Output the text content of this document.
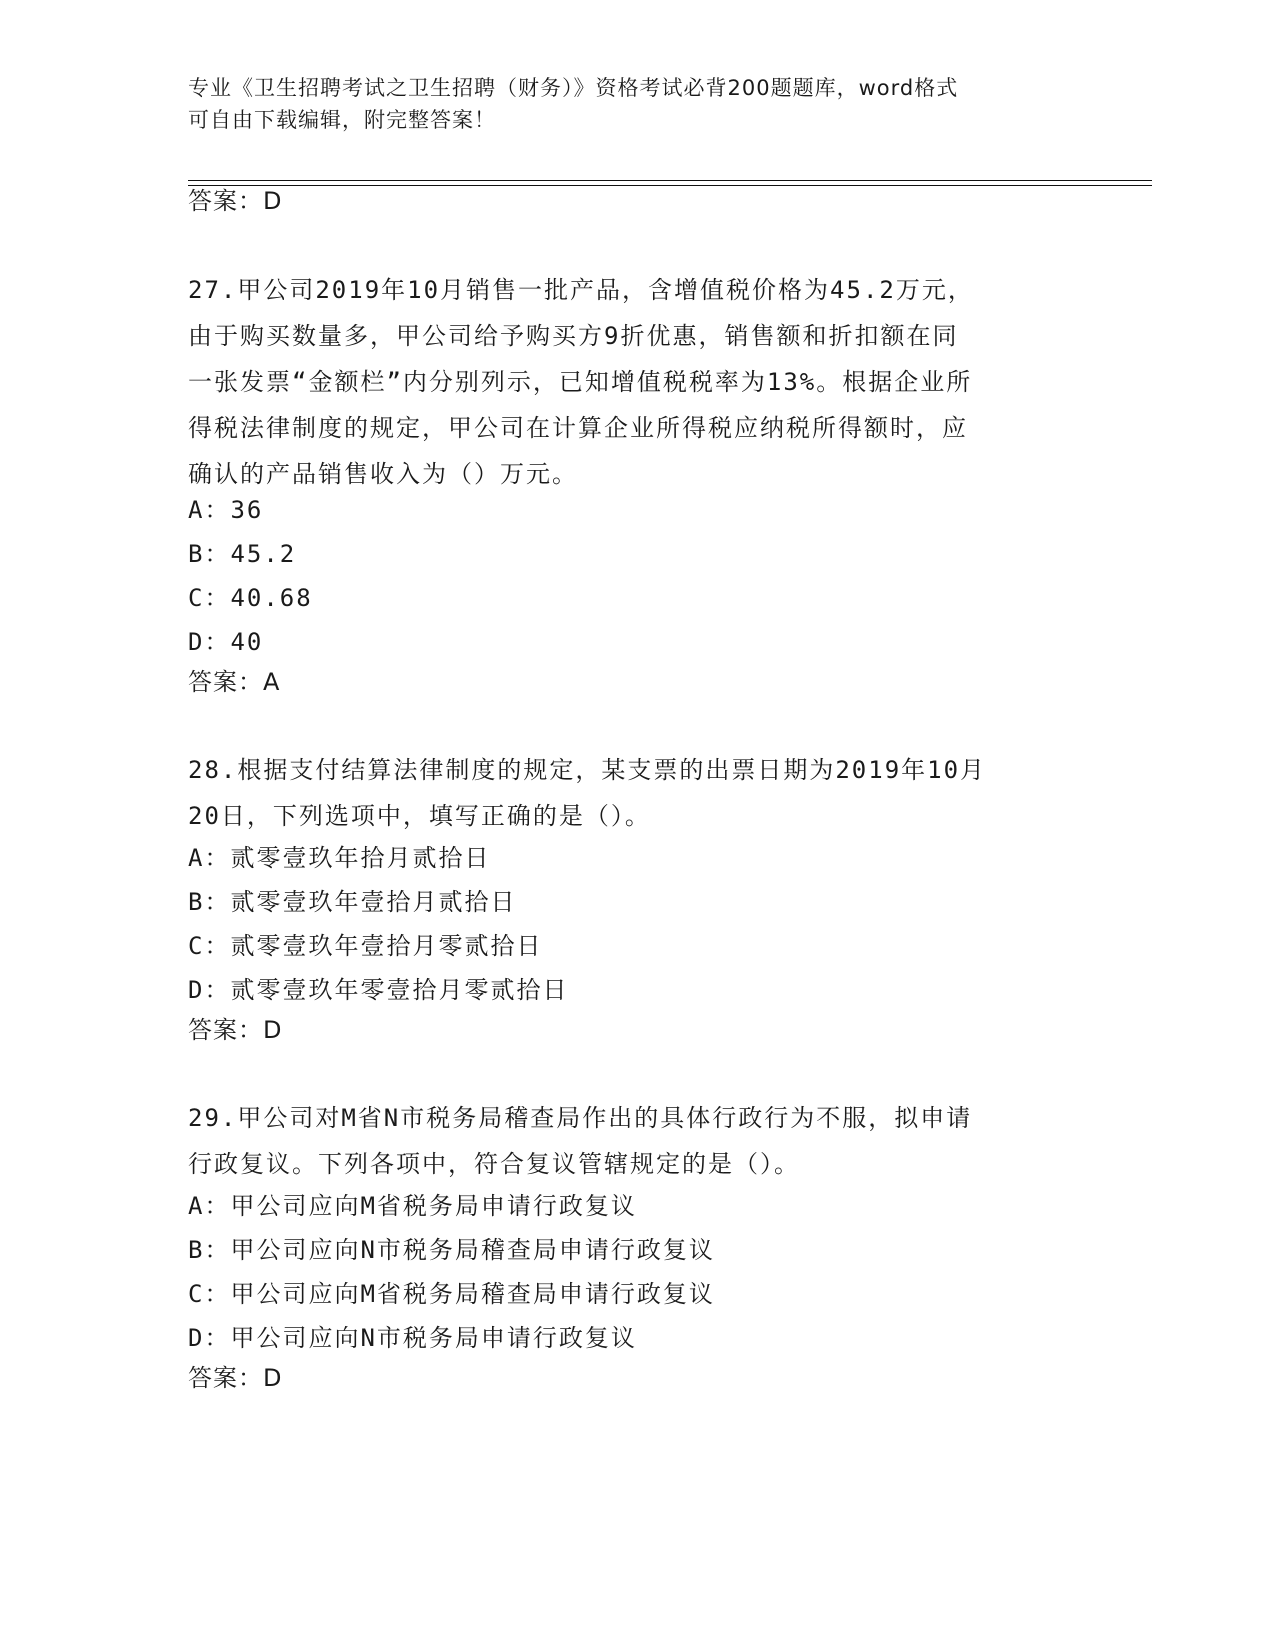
专业《卫生招聘考试之卫生招聘（财务）》资格考试必背200题题库，word格式
可自由下载编辑，附完整答案！
答案：D
27.甲公司2019年10月销售一批产品，含增值税价格为45.2万元，
由于购买数量多，甲公司给予购买方9折优惠，销售额和折扣额在同
一张发票“金额栏”内分别列示，已知增值税税率为13%。根据企业所
得税法律制度的规定，甲公司在计算企业所得税应纳税所得额时，应
确认的产品销售收入为（）万元。
A：36
B：45.2
C：40.68
D：40
答案：A
28.根据支付结算法律制度的规定，某支票的出票日期为2019年10月
20日，下列选项中，填写正确的是（）。
A：贰零壹玖年拾月贰拾日
B：贰零壹玖年壹拾月贰拾日
C：贰零壹玖年壹拾月零贰拾日
D：贰零壹玖年零壹拾月零贰拾日
答案：D
29.甲公司对M省N市税务局稽查局作出的具体行政行为不服，拟申请
行政复议。下列各项中，符合复议管辖规定的是（）。
A：甲公司应向M省税务局申请行政复议
B：甲公司应向N市税务局稽查局申请行政复议
C：甲公司应向M省税务局稽查局申请行政复议
D：甲公司应向N市税务局申请行政复议
答案：D
